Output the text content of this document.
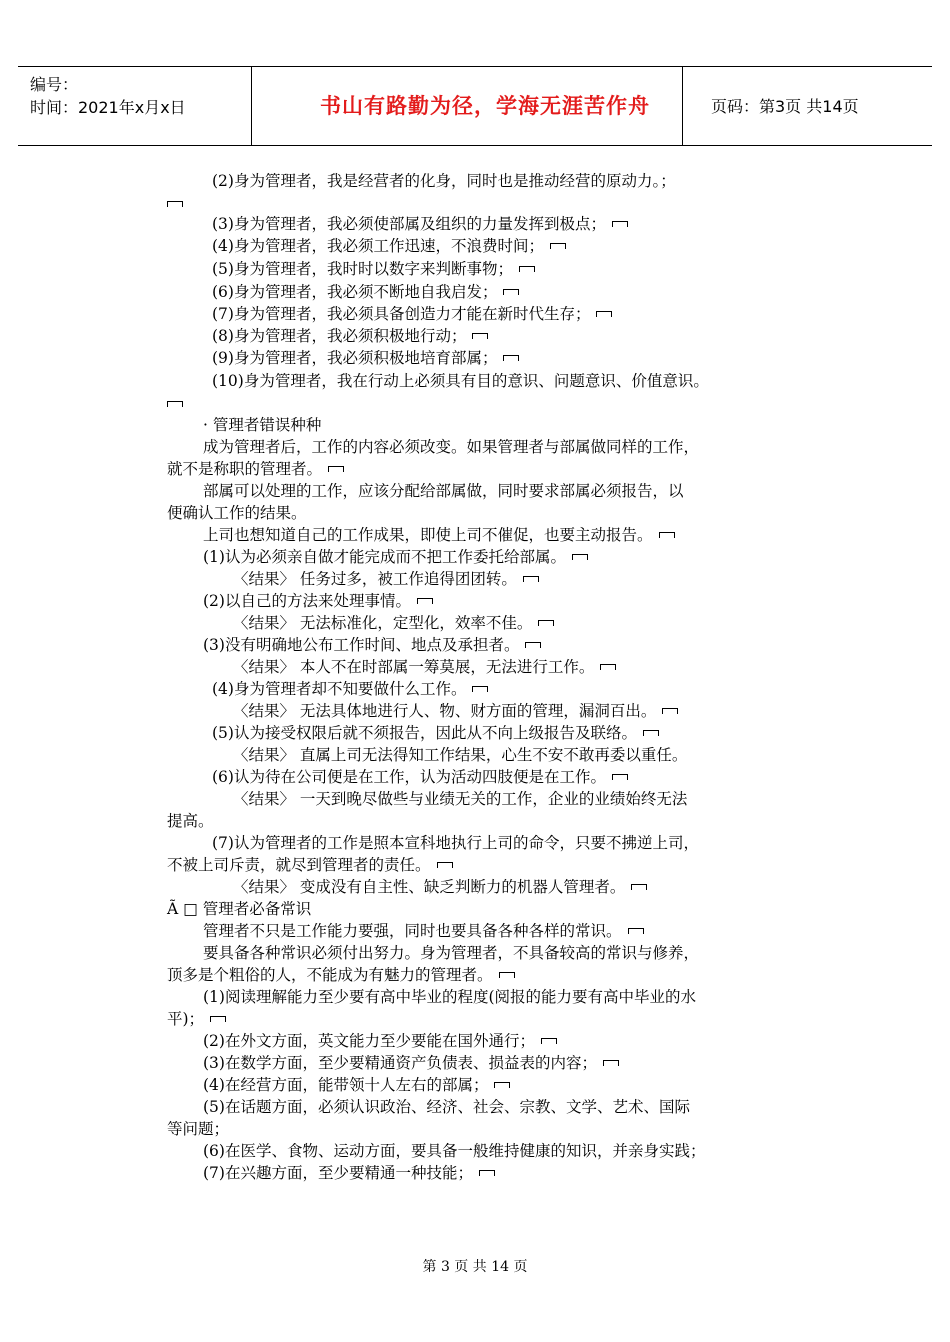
编号：
时间：2021年x月x日	书山有路勤为径，学海无涯苦作舟	页码：第3页 共14页
(2)身为管理者，我是经营者的化身，同时也是推动经营的原动力。；
(3)身为管理者，我必须使部属及组织的力量发挥到极点；
(4)身为管理者，我必须工作迅速，不浪费时间；
(5)身为管理者，我时时以数字来判断事物；
(6)身为管理者，我必须不断地自我启发；
(7)身为管理者，我必须具备创造力才能在新时代生存；
(8)身为管理者，我必须积极地行动；
(9)身为管理者，我必须积极地培育部属；
(10)身为管理者，我在行动上必须具有目的意识、问题意识、价值意识。
· 管理者错误种种
成为管理者后，工作的内容必须改变。如果管理者与部属做同样的工作，
就不是称职的管理者。
部属可以处理的工作，应该分配给部属做，同时要求部属必须报告，以
便确认工作的结果。
上司也想知道自己的工作成果，即使上司不催促，也要主动报告。
(1)认为必须亲自做才能完成而不把工作委托给部属。
〈结果〉 任务过多，被工作追得团团转。
(2)以自己的方法来处理事情。
〈结果〉 无法标准化，定型化，效率不佳。
(3)没有明确地公布工作时间、地点及承担者。
〈结果〉 本人不在时部属一筹莫展，无法进行工作。
(4)身为管理者却不知要做什么工作。
〈结果〉 无法具体地进行人、物、财方面的管理，漏洞百出。
(5)认为接受权限后就不须报告，因此从不向上级报告及联络。
〈结果〉 直属上司无法得知工作结果，心生不安不敢再委以重任。
(6)认为待在公司便是在工作，认为活动四肢便是在工作。
〈结果〉 一天到晚尽做些与业绩无关的工作，企业的业绩始终无法
提高。
(7)认为管理者的工作是照本宣科地执行上司的命令，只要不拂逆上司，
不被上司斥责，就尽到管理者的责任。
〈结果〉 变成没有自主性、缺乏判断力的机器人管理者。
Ã □ 管理者必备常识
管理者不只是工作能力要强，同时也要具备各种各样的常识。
要具备各种常识必须付出努力。身为管理者，不具备较高的常识与修养，
顶多是个粗俗的人，不能成为有魅力的管理者。
(1)阅读理解能力至少要有高中毕业的程度(阅报的能力要有高中毕业的水
平)；
(2)在外文方面，英文能力至少要能在国外通行；
(3)在数学方面，至少要精通资产负债表、损益表的内容；
(4)在经营方面，能带领十人左右的部属；
(5)在话题方面，必须认识政治、经济、社会、宗教、文学、艺术、国际
等问题；
(6)在医学、食物、运动方面，要具备一般维持健康的知识，并亲身实践；
(7)在兴趣方面，至少要精通一种技能；
第 3 页 共 14 页
